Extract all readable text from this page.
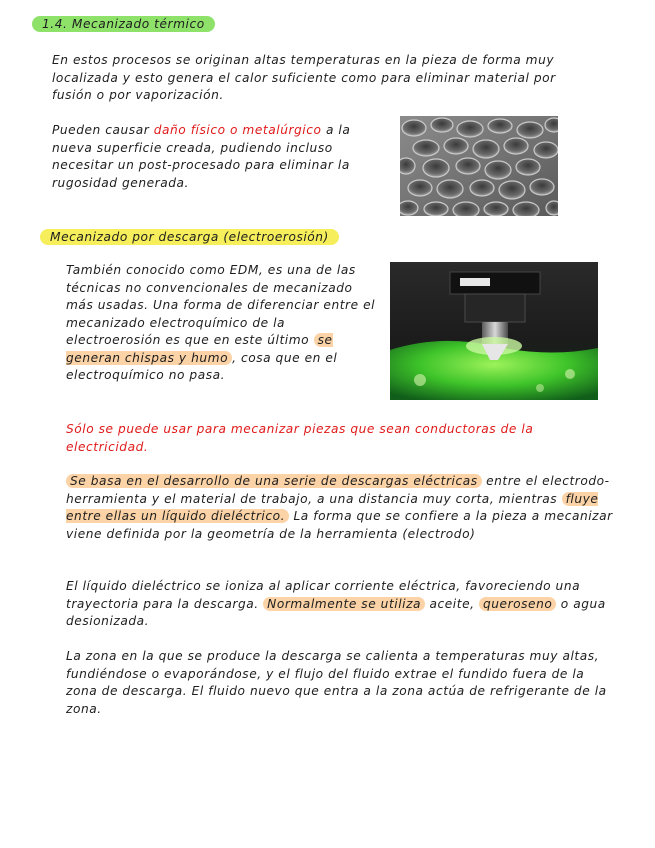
1.4. Mecanizado térmico

En estos procesos se originan altas temperaturas en la pieza de forma muy localizada y esto genera el calor suficiente como para eliminar material por fusión o por vaporización.

Pueden causar daño físico o metalúrgico a la nueva superficie creada, pudiendo incluso necesitar un post-procesado para eliminar la rugosidad generada.

Mecanizado por descarga (electroerosión)

También conocido como EDM, es una de las técnicas no convencionales de mecanizado más usadas. Una forma de diferenciar entre el mecanizado electroquímico de la electroerosión es que en este último se generan chispas y humo , cosa que en el electroquímico no pasa.

Sólo se puede usar para mecanizar piezas que sean conductoras de la electricidad.

Se basa en el desarrollo de una serie de descargas eléctricas entre el electrodo-herramienta y el material de trabajo, a una distancia muy corta, mientras fluye entre ellas un líquido dieléctrico. La forma que se confiere a la pieza a mecanizar viene definida por la geometría de la herramienta (electrodo)

El líquido dieléctrico se ioniza al aplicar corriente eléctrica, favoreciendo una trayectoria para la descarga. Normalmente se utiliza aceite, queroseno o agua desionizada.

La zona en la que se produce la descarga se calienta a temperaturas muy altas, fundiéndose o evaporándose, y el flujo del fluido extrae el fundido fuera de la zona de descarga. El fluido nuevo que entra a la zona actúa de refrigerante de la zona.
